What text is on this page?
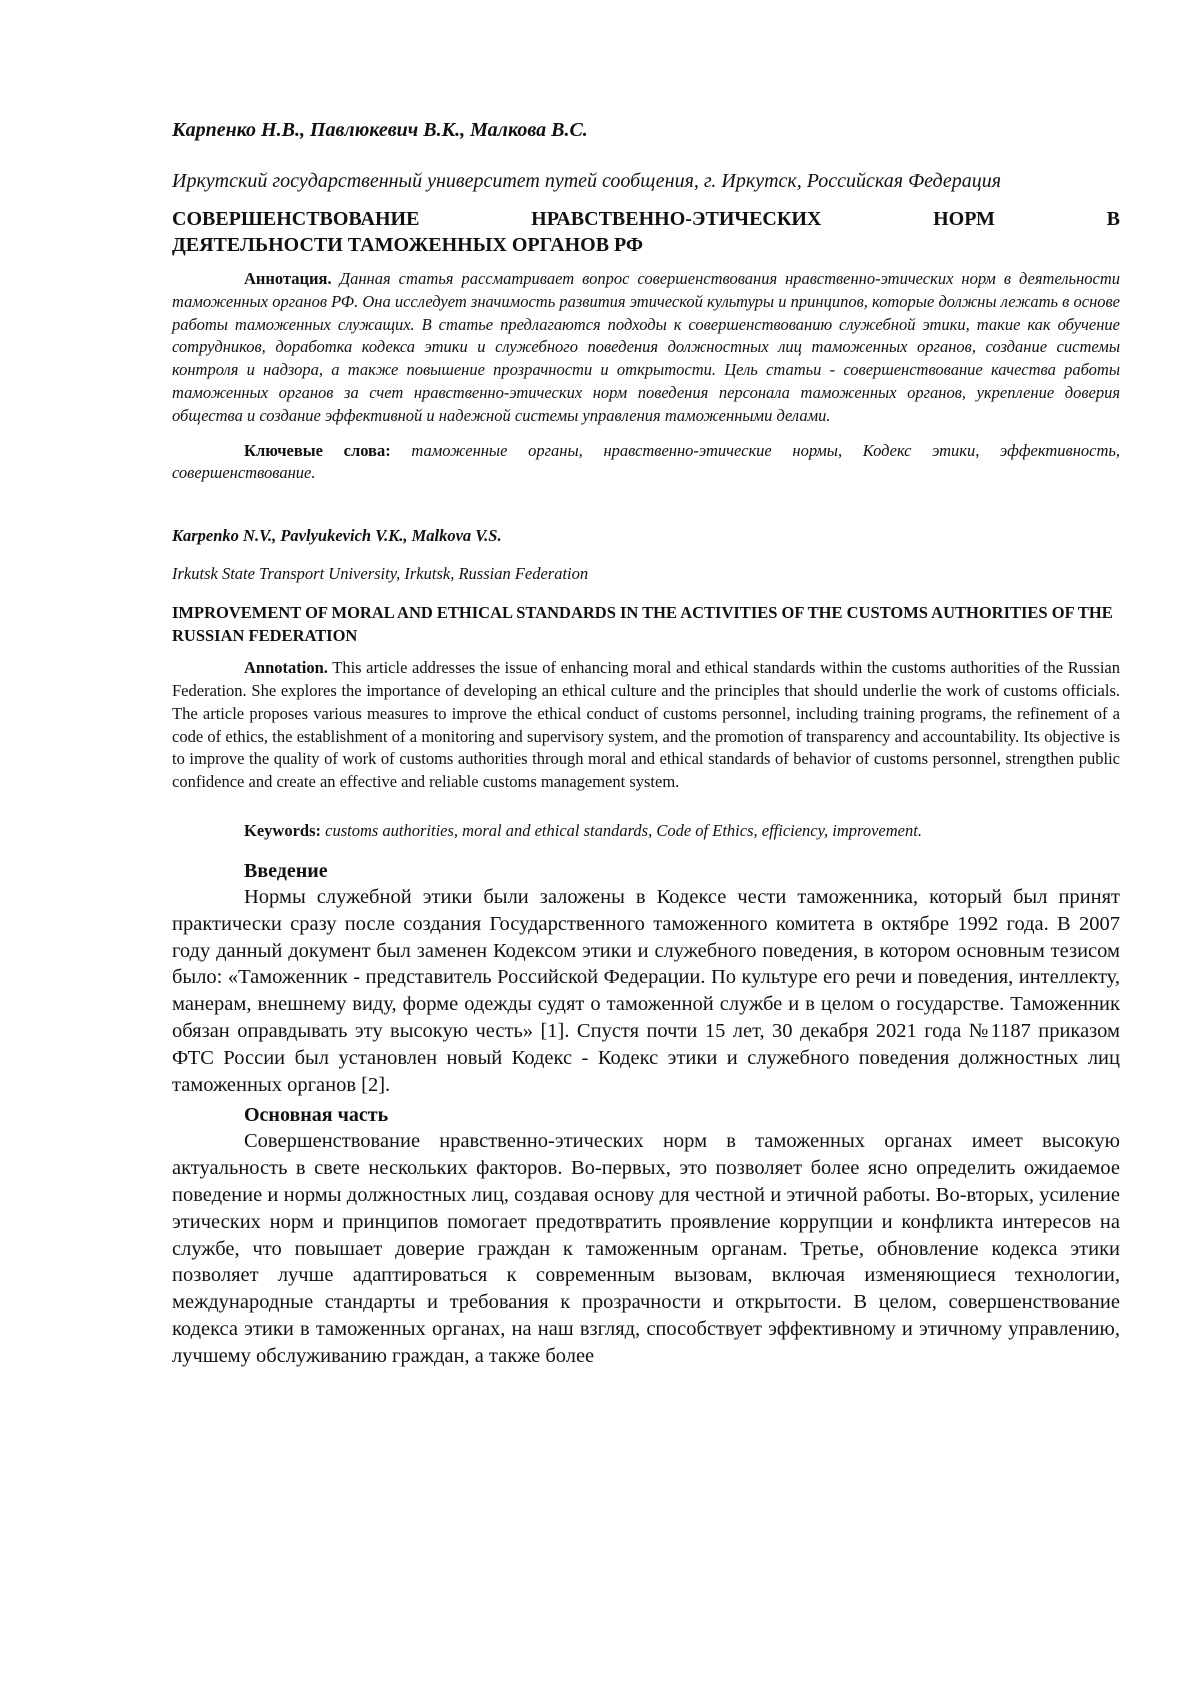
Карпенко Н.В., Павлюкевич В.К., Малкова В.С.

Иркутский государственный университет путей сообщения, г. Иркутск, Российская Федерация

СОВЕРШЕНСТВОВАНИЕ	НРАВСТВЕННО-ЭТИЧЕСКИХ	НОРМ	В
ДЕЯТЕЛЬНОСТИ ТАМОЖЕННЫХ ОРГАНОВ РФ

Аннотация. Данная статья рассматривает вопрос совершенствования нравственно-этических норм в деятельности таможенных органов РФ. Она исследует значимость развития этической культуры и принципов, которые должны лежать в основе работы таможенных служащих. В статье предлагаются подходы к совершенствованию служебной этики, такие как обучение сотрудников, доработка кодекса этики и служебного поведения должностных лиц таможенных органов, создание системы контроля и надзора, а также повышение прозрачности и открытости. Цель статьи - совершенствование качества работы таможенных органов за счет нравственно-этических норм поведения персонала таможенных органов, укрепление доверия общества и создание эффективной и надежной системы управления таможенными делами.

Ключевые слова: таможенные органы, нравственно-этические нормы, Кодекс этики, эффективность, совершенствование.

Karpenko N.V., Pavlyukevich V.K., Malkova V.S.

Irkutsk State Transport University, Irkutsk, Russian Federation

IMPROVEMENT OF MORAL AND ETHICAL STANDARDS IN THE ACTIVITIES OF THE CUSTOMS AUTHORITIES OF THE RUSSIAN FEDERATION

Annotation. This article addresses the issue of enhancing moral and ethical standards within the customs authorities of the Russian Federation. She explores the importance of developing an ethical culture and the principles that should underlie the work of customs officials. The article proposes various measures to improve the ethical conduct of customs personnel, including training programs, the refinement of a code of ethics, the establishment of a monitoring and supervisory system, and the promotion of transparency and accountability. Its objective is to improve the quality of work of customs authorities through moral and ethical standards of behavior of customs personnel, strengthen public confidence and create an effective and reliable customs management system.

Keywords: customs authorities, moral and ethical standards, Code of Ethics, efficiency, improvement.

Введение

Нормы служебной этики были заложены в Кодексе чести таможенника, который был принят практически сразу после создания Государственного таможенного комитета в октябре 1992 года. В 2007 году данный документ был заменен Кодексом этики и служебного поведения, в котором основным тезисом было: «Таможенник - представитель Российской Федерации. По культуре его речи и поведения, интеллекту, манерам, внешнему виду, форме одежды судят о таможенной службе и в целом о государстве. Таможенник обязан оправдывать эту высокую честь» [1]. Спустя почти 15 лет, 30 декабря 2021 года №1187 приказом ФТС России был установлен новый Кодекс - Кодекс этики и служебного поведения должностных лиц таможенных органов [2].

Основная часть

Совершенствование нравственно-этических норм в таможенных органах имеет высокую актуальность в свете нескольких факторов. Во-первых, это позволяет более ясно определить ожидаемое поведение и нормы должностных лиц, создавая основу для честной и этичной работы. Во-вторых, усиление этических норм и принципов помогает предотвратить проявление коррупции и конфликта интересов на службе, что повышает доверие граждан к таможенным органам. Третье, обновление кодекса этики позволяет лучше адаптироваться к современным вызовам, включая изменяющиеся технологии, международные стандарты и требования к прозрачности и открытости. В целом, совершенствование кодекса этики в таможенных органах, на наш взгляд, способствует эффективному и этичному управлению, лучшему обслуживанию граждан, а также более
